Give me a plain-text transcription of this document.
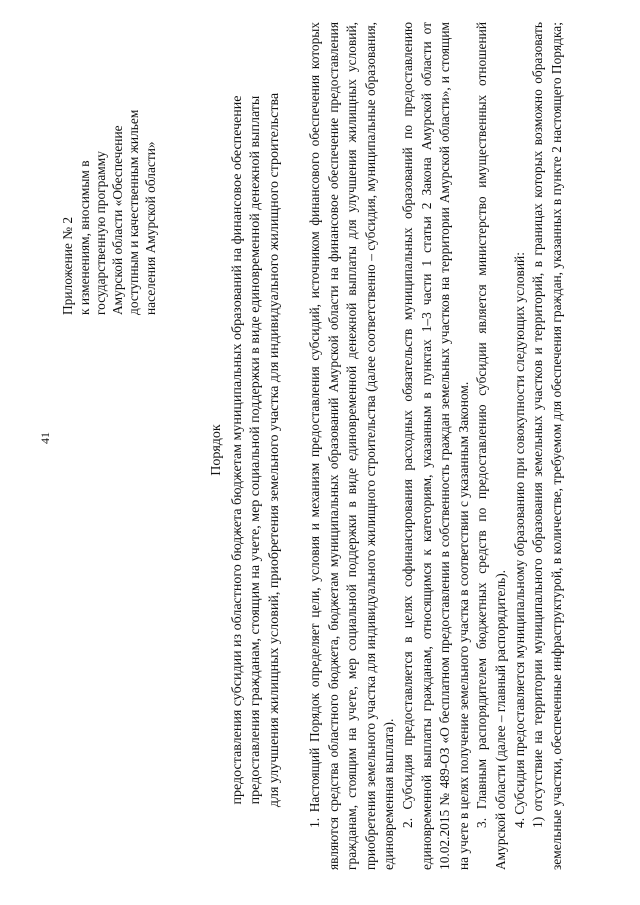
41
Приложение № 2 к изменениям, вносимым в государственную программу Амурской области «Обеспечение доступным и качественным жильем населения Амурской области»
Порядок предоставления субсидии из областного бюджета бюджетам муниципальных образований на финансовое обеспечение предоставления гражданам, стоящим на учете, мер социальной поддержки в виде единовременной денежной выплаты для улучшения жилищных условий, приобретения земельного участка для индивидуального жилищного строительства 1. Настоящий Порядок определяет цели, условия и механизм предоставления субсидий, источником финансового обеспечения которых являются средства областного бюджета, бюджетам муниципальных образований Амурской области на финансовое обеспечение предоставления гражданам, стоящим на учете, мер социальной поддержки в виде единовременной денежной выплаты для улучшения жилищных условий, приобретения земельного участка для индивидуального жилищного строительства (далее соответственно – субсидия, муниципальные образования, единовременная выплата). 2. Субсидия предоставляется в целях софинансирования расходных обязательств муниципальных образований по предоставлению единовременной выплаты гражданам, относящимся к категориям, указанным в пунктах 1–3 части 1 статьи 2 Закона Амурской области от 10.02.2015 № 489-ОЗ «О бесплатном предоставлении в собственность граждан земельных участков на территории Амурской области», и стоящим на учете в целях получение земельного участка в соответствии с указанным Законом. 3. Главным распорядителем бюджетных средств по предоставлению субсидии является министерство имущественных отношений Амурской области (далее – главный распорядитель). 4. Субсидия предоставляется муниципальному образованию при совокупности следующих условий: 1) отсутствие на территории муниципального образования земельных участков и территорий, в границах которых возможно образовать земельные участки, обеспеченные инфраструктурой, в количестве, требуемом для обеспечения граждан, указанных в пункте 2 настоящего Порядка;
